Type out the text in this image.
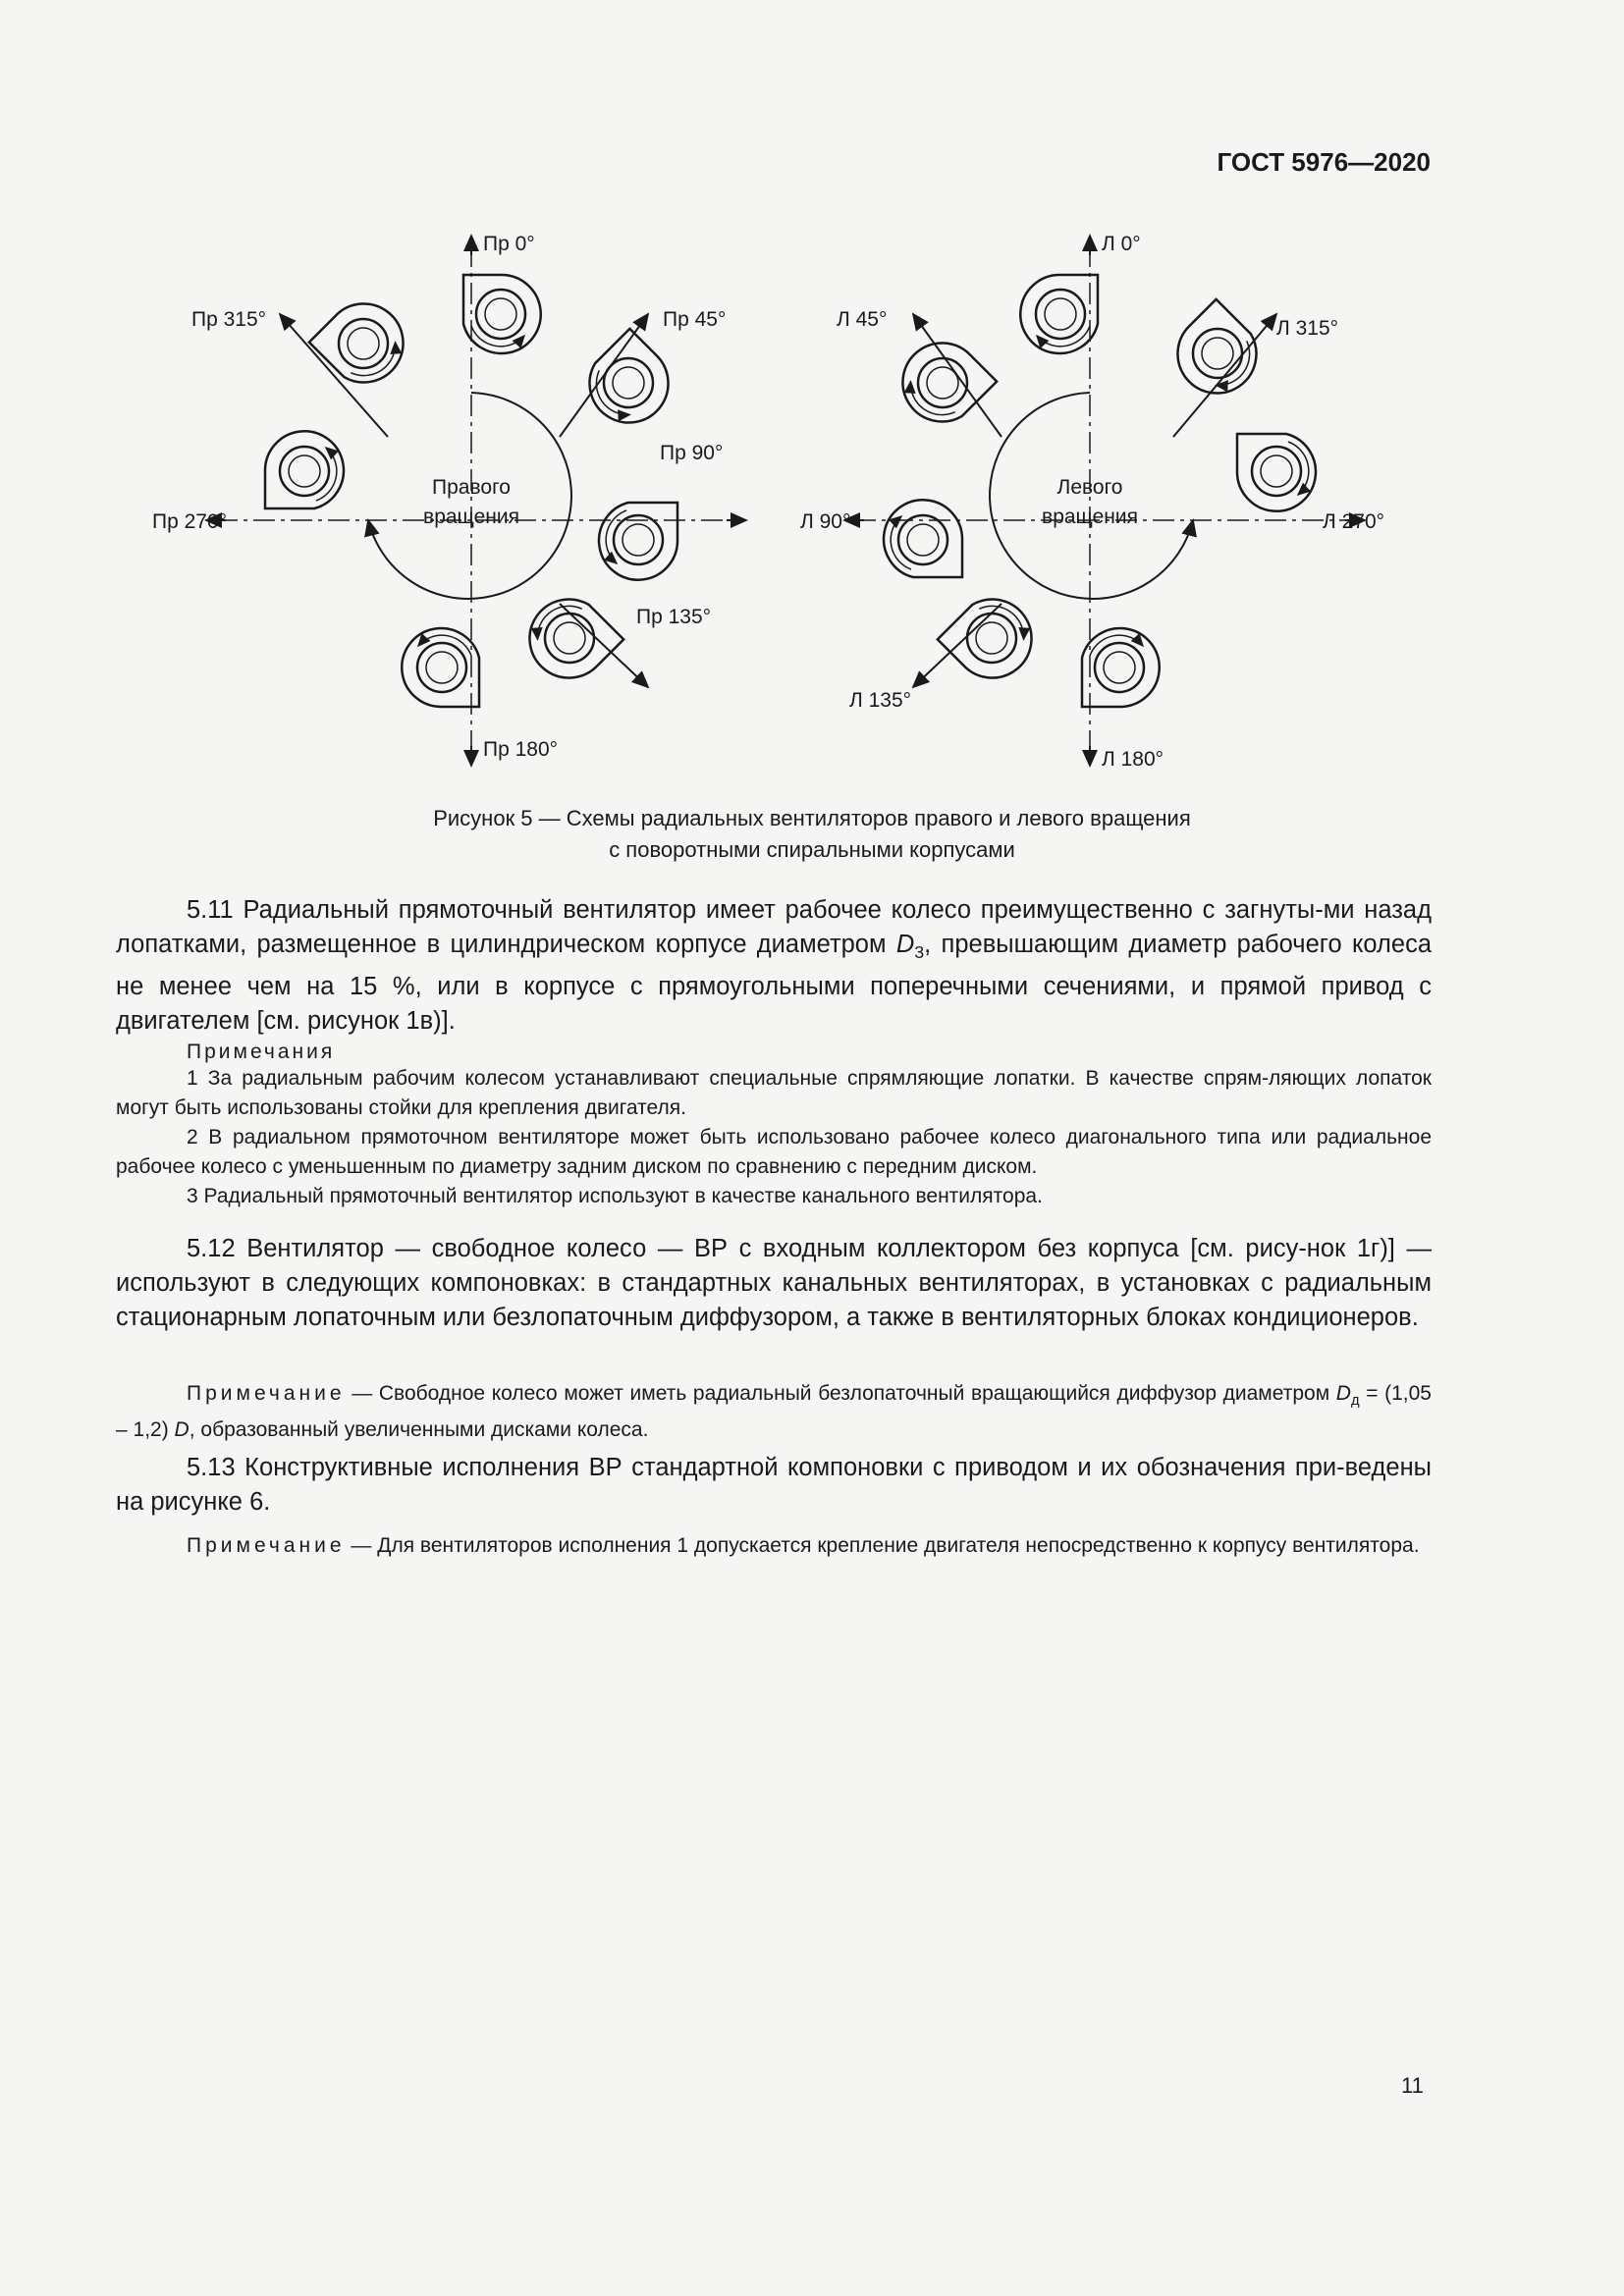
ГОСТ 5976—2020
Правого
вращения
Пр 0°
Пр 45°
Пр 90°
Пр 135°
Пр 180°
Пр 270°
Пр 315°
Левого
вращения
Л 0°
Л 315°
Л 270°
Л 180°
Л 135°
Л 90°
Л 45°
Рисунок 5 — Схемы радиальных вентиляторов правого и левого вращения
с поворотными спиральными корпусами

5.11 Радиальный прямоточный вентилятор имеет рабочее колесо преимущественно с загнуты-ми назад лопатками, размещенное в цилиндрическом корпусе диаметром $D_3$, превышающим диаметр рабочего колеса не менее чем на 15 %, или в корпусе с прямоугольными поперечными сечениями, и прямой привод с двигателем [см. рисунок 1в)].

Примечания

1 За радиальным рабочим колесом устанавливают специальные спрямляющие лопатки. В качестве спрям-ляющих лопаток могут быть использованы стойки для крепления двигателя.

2 В радиальном прямоточном вентиляторе может быть использовано рабочее колесо диагонального типа или радиальное рабочее колесо с уменьшенным по диаметру задним диском по сравнению с передним диском.

3 Радиальный прямоточный вентилятор используют в качестве канального вентилятора.

5.12 Вентилятор — свободное колесо — ВР с входным коллектором без корпуса [см. рису-нок 1г)] — используют в следующих компоновках: в стандартных канальных вентиляторах, в установках с радиальным стационарным лопаточным или безлопаточным диффузором, а также в вентиляторных блоках кондиционеров.

Примечание — Свободное колесо может иметь радиальный безлопаточный вращающийся диффузор диаметром $D_д = (1,05 - 1,2)$ D, образованный увеличенными дисками колеса.

5.13 Конструктивные исполнения ВР стандартной компоновки с приводом и их обозначения при-ведены на рисунке 6.

Примечание — Для вентиляторов исполнения 1 допускается крепление двигателя непосредственно к корпусу вентилятора.

11
